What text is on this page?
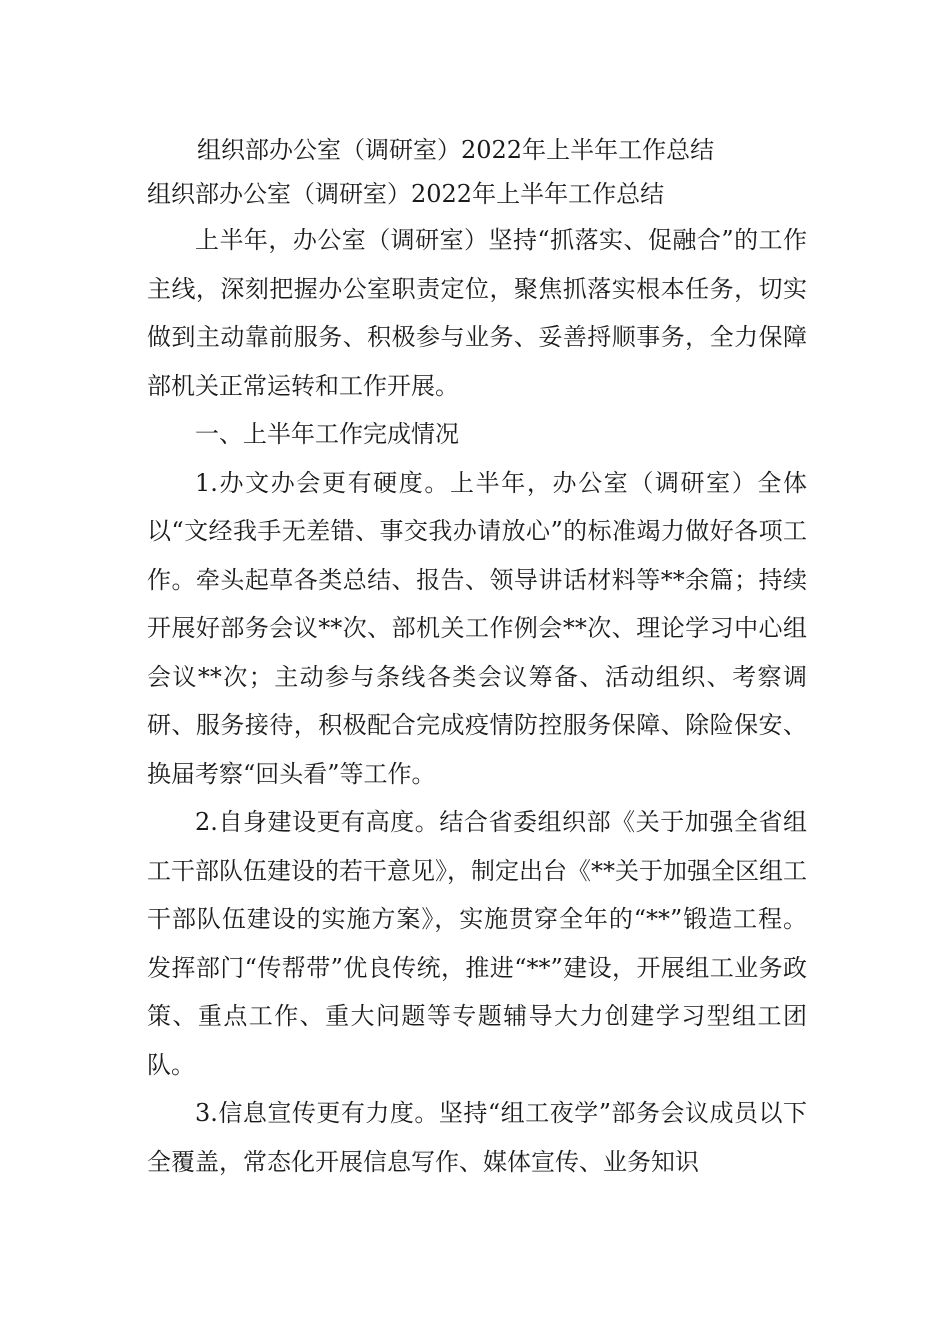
组织部办公室（调研室）2022年上半年工作总结
组织部办公室（调研室）2022年上半年工作总结

上半年，办公室（调研室）坚持“抓落实、促融合”的工作主线，深刻把握办公室职责定位，聚焦抓落实根本任务，切实做到主动靠前服务、积极参与业务、妥善捋顺事务，全力保障部机关正常运转和工作开展。

一、上半年工作完成情况

1.办文办会更有硬度。上半年，办公室（调研室）全体以“文经我手无差错、事交我办请放心”的标准竭力做好各项工作。牵头起草各类总结、报告、领导讲话材料等**余篇；持续开展好部务会议**次、部机关工作例会**次、理论学习中心组会议**次；主动参与条线各类会议筹备、活动组织、考察调研、服务接待，积极配合完成疫情防控服务保障、除险保安、换届考察“回头看”等工作。

2.自身建设更有高度。结合省委组织部《关于加强全省组工干部队伍建设的若干意见》，制定出台《**关于加强全区组工干部队伍建设的实施方案》，实施贯穿全年的“**”锻造工程。发挥部门“传帮带”优良传统，推进“**”建设，开展组工业务政策、重点工作、重大问题等专题辅导大力创建学习型组工团队。

3.信息宣传更有力度。坚持“组工夜学”部务会议成员以下全覆盖，常态化开展信息写作、媒体宣传、业务知识
